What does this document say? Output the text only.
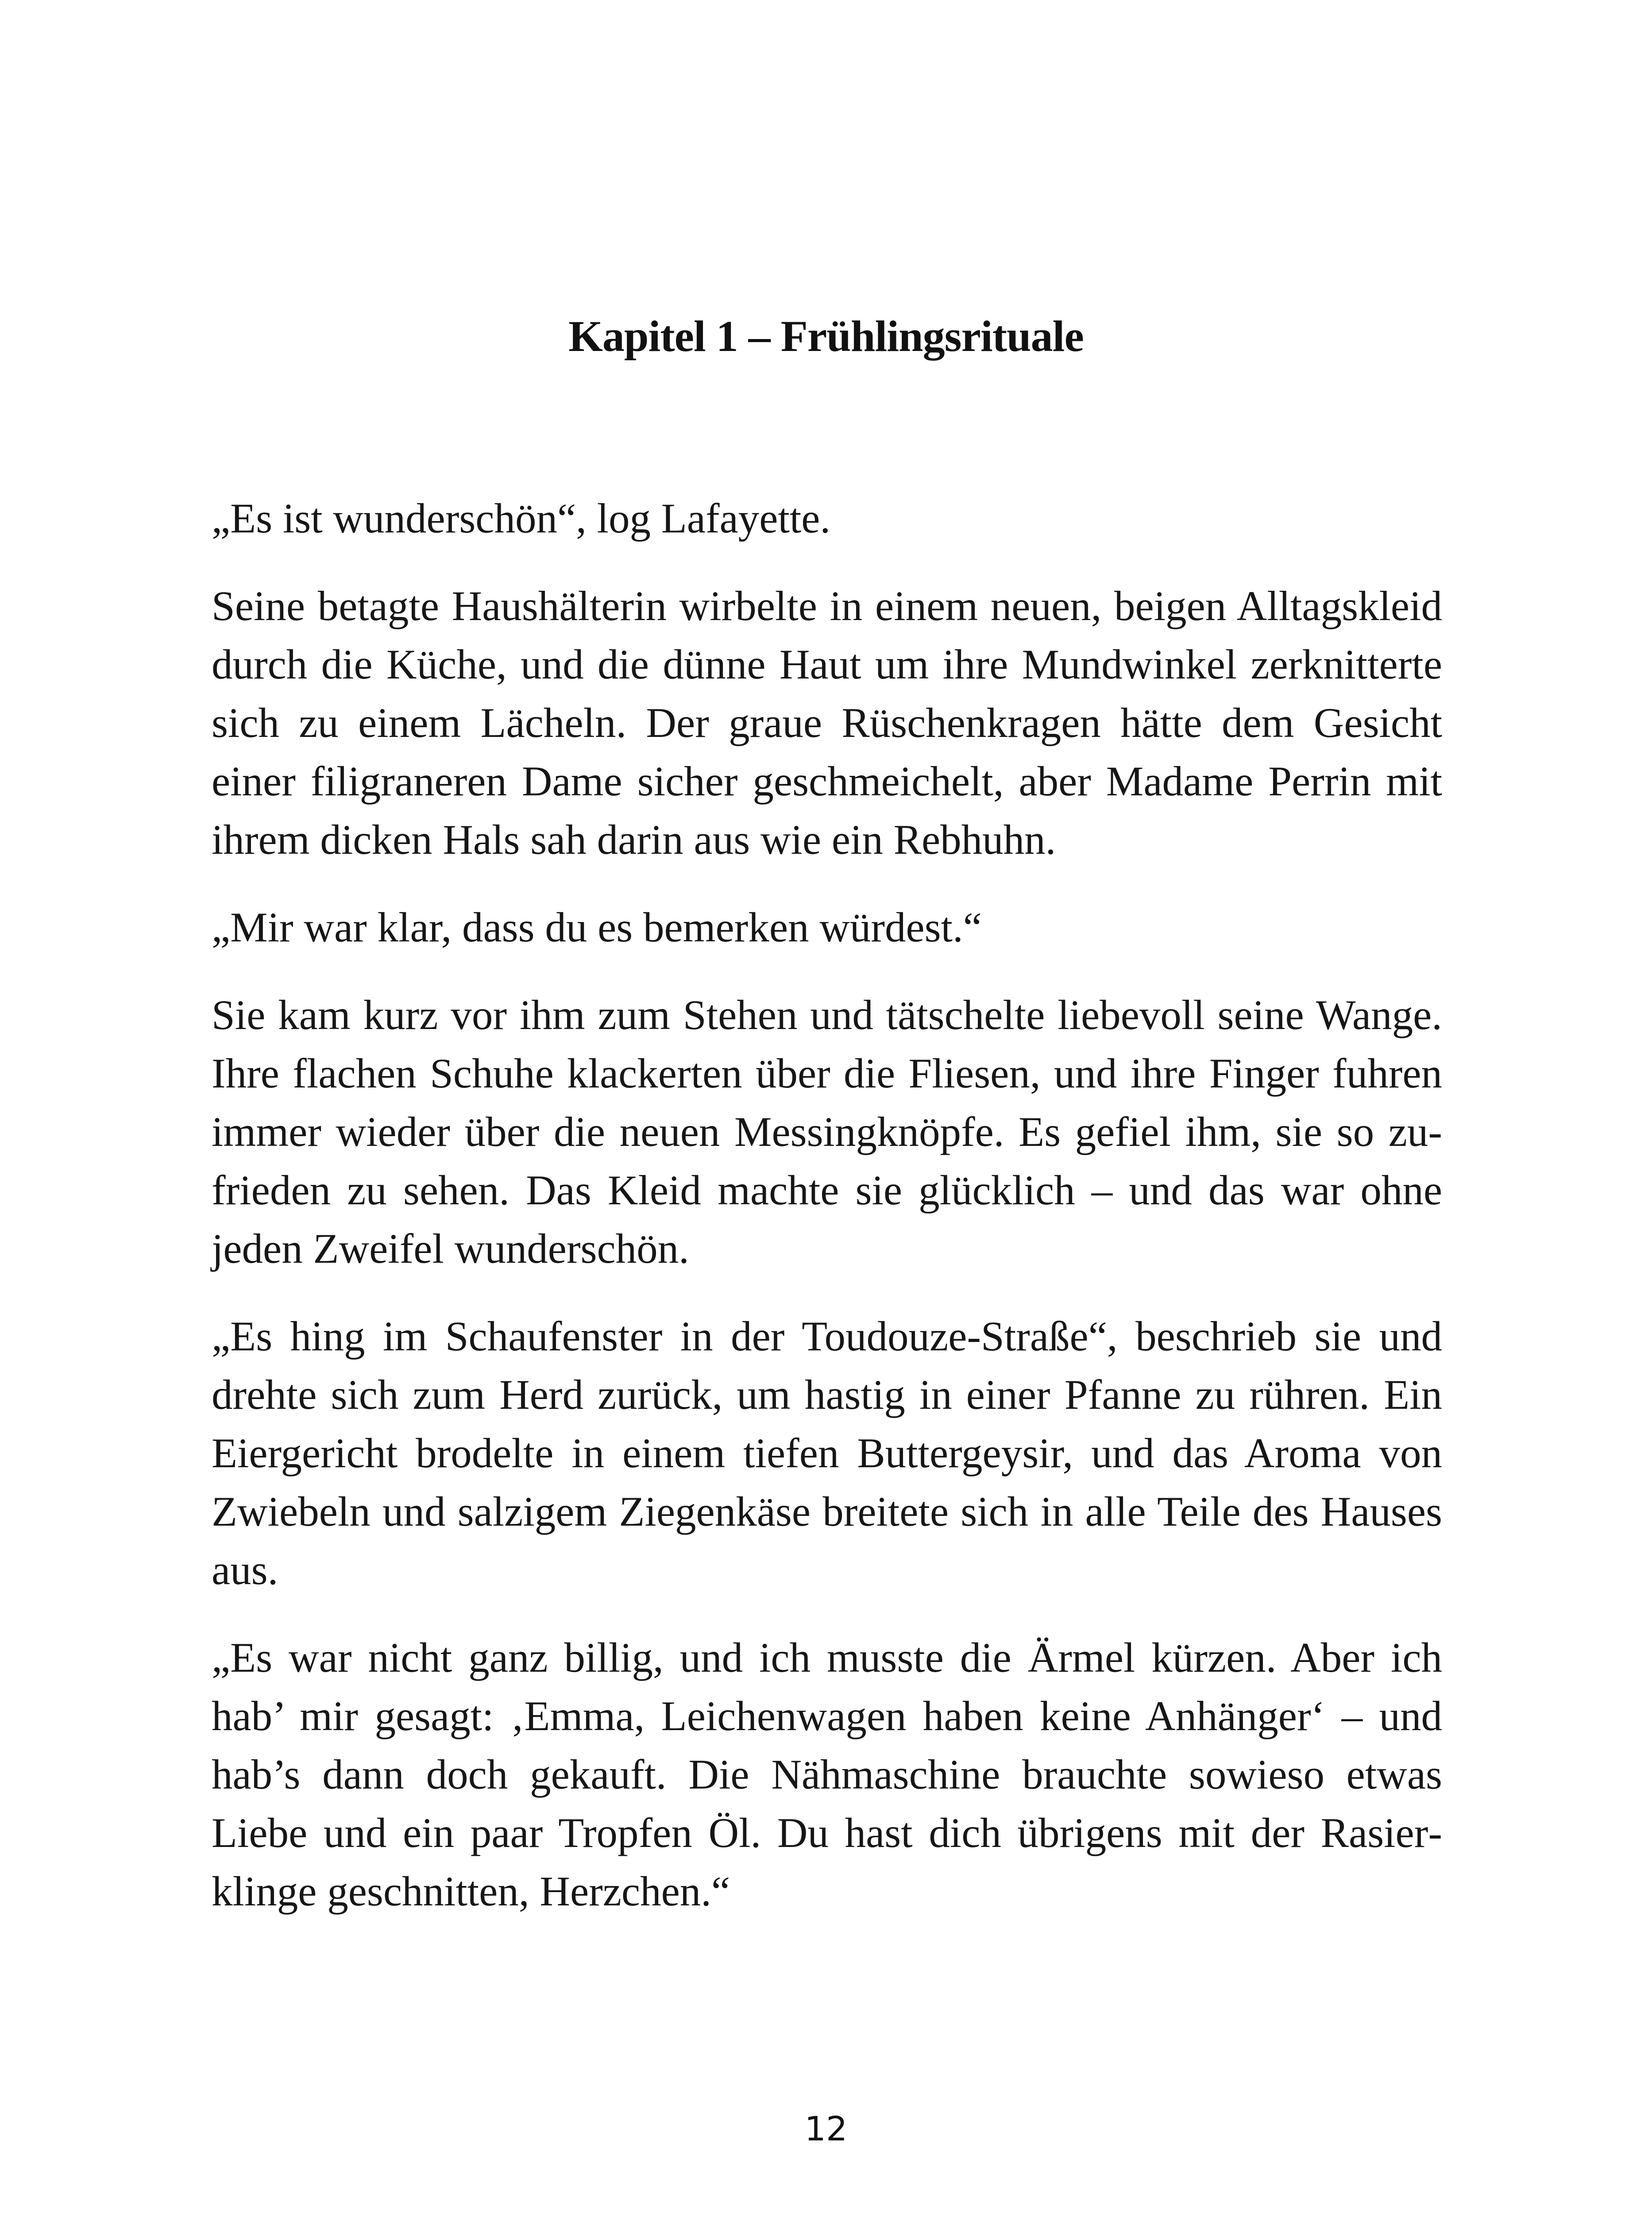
Kapitel 1 – Frühlingsrituale

„Es ist wunderschön“, log Lafayette.

Seine betagte Haushälterin wirbelte in einem neuen, beigen Alltagskleid durch die Küche, und die dünne Haut um ihre Mundwinkel zerknitterte sich zu einem Lächeln. Der graue Rüschenkragen hätte dem Gesicht einer filigraneren Dame sicher geschmeichelt, aber Madame Perrin mit ihrem dicken Hals sah darin aus wie ein Rebhuhn.

„Mir war klar, dass du es bemerken würdest.“

Sie kam kurz vor ihm zum Stehen und tätschelte liebevoll seine Wange. Ihre flachen Schuhe klackerten über die Fliesen, und ihre Finger fuhren immer wieder über die neuen Messingknöpfe. Es gefiel ihm, sie so zufrieden zu sehen. Das Kleid machte sie glücklich – und das war ohne jeden Zweifel wunderschön.

„Es hing im Schaufenster in der Toudouze-Straße“, beschrieb sie und drehte sich zum Herd zurück, um hastig in einer Pfanne zu rühren. Ein Eiergericht brodelte in einem tiefen Buttergeysir, und das Aroma von Zwiebeln und salzigem Ziegenkäse breitete sich in alle Teile des Hauses aus.

„Es war nicht ganz billig, und ich musste die Ärmel kürzen. Aber ich hab’ mir gesagt: ‚Emma, Leichenwagen haben keine Anhänger‘ – und hab’s dann doch gekauft. Die Nähmaschine brauchte sowieso etwas Liebe und ein paar Tropfen Öl. Du hast dich übrigens mit der Rasierklinge geschnitten, Herzchen.“

12
